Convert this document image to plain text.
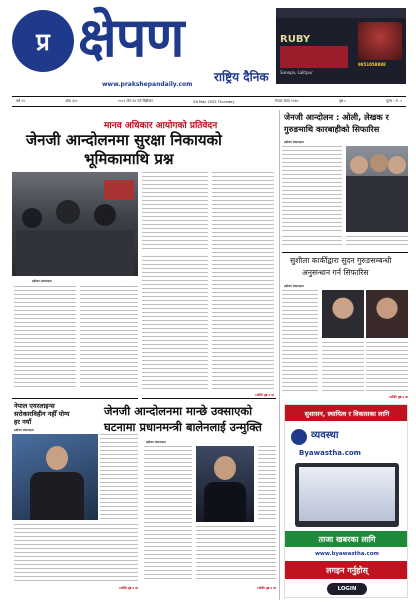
प्र क्षेपण
www.prakshepandaily.com
राष्ट्रिय दैनिक
RUBY
Sanepa, Lalitpur
9851058888
वर्ष ११	अंक ३२८	२०८२ जेठ १४ गते बिहीबार	28 May 2025 Thursday	नेपाल संवत ११४५	पृष्ठ ८	मूल्य : रु. ५
मानव अधिकार आयोगको प्रतिवेदन
जेनजी आन्दोलनमा सुरक्षा निकायको
भूमिकामाथि प्रश्न
प्रक्षेपण संवाददाता
»बाँकी पृष्ठ ४ मा
जेनजी आन्दोलन : ओली, लेखक र
गुरुङमाथि कारबाहीको सिफारिस
प्रक्षेपण संवाददाता
सुशीला कार्कीद्वारा सुदन गुरुङसम्बन्धी
अनुसन्धान गर्न सिफारिस
प्रक्षेपण संवाददाता
»बाँकी पृष्ठ ४ मा
नेपाल एयरलाइन्स
सरोकारविहीन नहीँ योग्य
हर नयाँ
प्रक्षेपण संवाददाता
»बाँकी पृष्ठ ४ मा
जेनजी आन्दोलनमा मान्छे उक्साएको
घटनामा प्रधानमन्त्री बालेनलाई उन्मुक्ति
प्रक्षेपण संवाददाता
»बाँकी पृष्ठ ४ मा
सुशासन, स्थायित्व र विकासका लागि
व्यवस्था
Byawastha.com
ताजा खबरका लागि
www.byawastha.com
लगइन गर्नुहोस्
LOGIN
